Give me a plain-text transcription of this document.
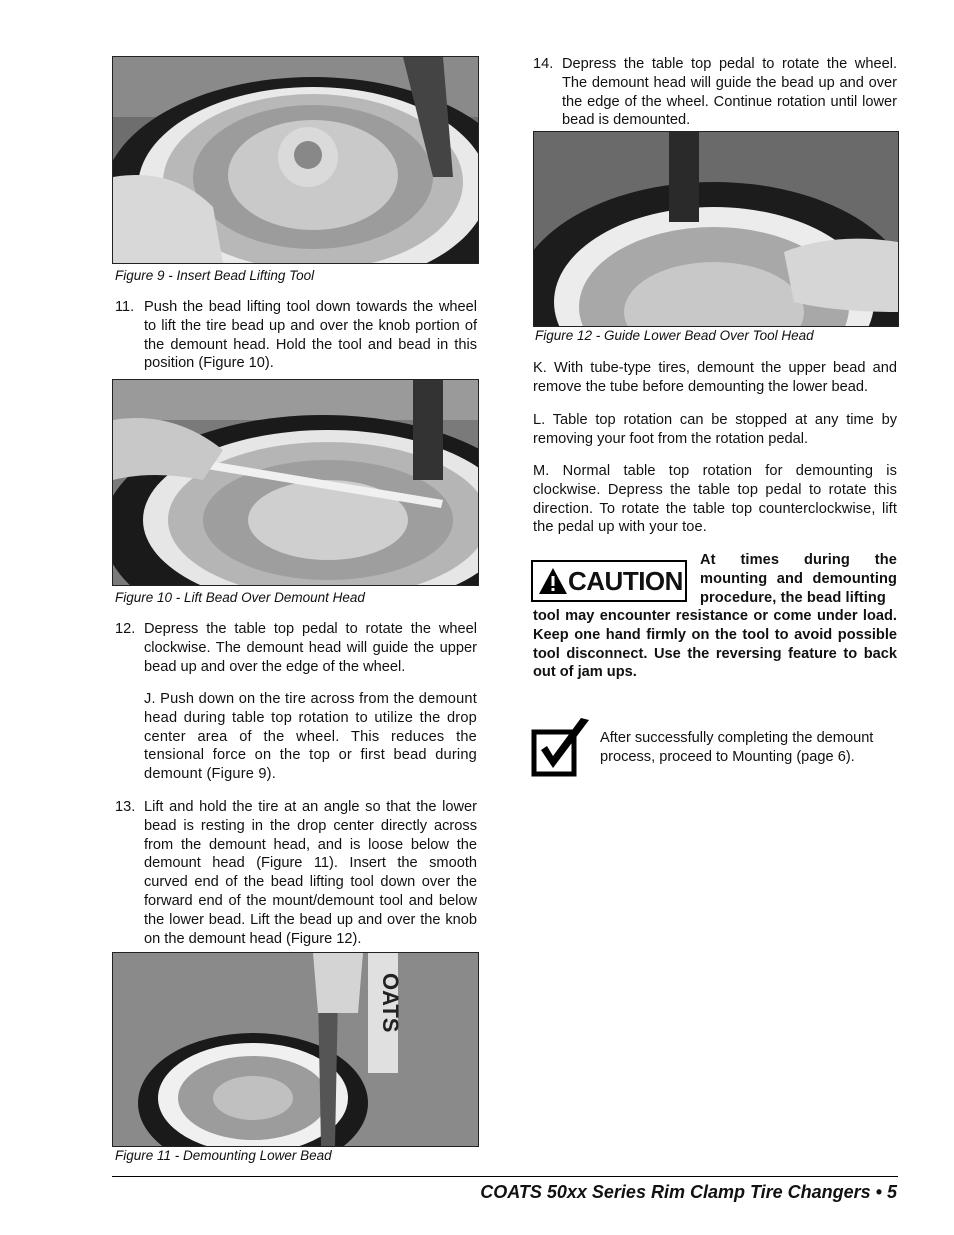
Figure 9 - Insert Bead Lifting Tool
11. Push the bead lifting tool down towards the wheel to lift the tire bead up and over the knob portion of the demount head. Hold the tool and bead in this position (Figure 10).
Figure 10 - Lift Bead Over Demount Head
12. Depress the table top pedal to rotate the wheel clockwise. The demount head will guide the upper bead up and over the edge of the wheel.
J. Push down on the tire across from the demount head during table top rotation to utilize the drop center area of the wheel. This reduces the tensional force on the top or first bead during demount (Figure 9).
13. Lift and hold the tire at an angle so that the lower bead is resting in the drop center directly across from the demount head, and is loose below the demount head (Figure 11). Insert the smooth curved end of the bead lifting tool down over the forward end of the mount/demount tool and below the lower bead. Lift the bead up and over the knob on the demount head (Figure 12).
OATS
Figure 11 - Demounting Lower Bead
14. Depress the table top pedal to rotate the wheel. The demount head will guide the bead up and over the edge of the wheel. Continue rotation until lower bead is demounted.
Figure 12 - Guide Lower Bead Over Tool Head
K. With tube-type tires, demount the upper bead and remove the tube before demounting the lower bead.
L. Table top rotation can be stopped at any time by removing your foot from the rotation pedal.
M. Normal table top rotation for demounting is clockwise. Depress the table top pedal to rotate this direction. To rotate the table top counterclockwise, lift the pedal up with your toe.
CAUTION
At times during the mounting and demounting procedure, the bead lifting
tool may encounter resistance or come under load. Keep one hand firmly on the tool to avoid possible tool disconnect. Use the reversing feature to back out of jam ups.
After successfully completing the demount process, proceed to Mounting (page 6).
COATS 50xx Series Rim Clamp Tire Changers • 5
